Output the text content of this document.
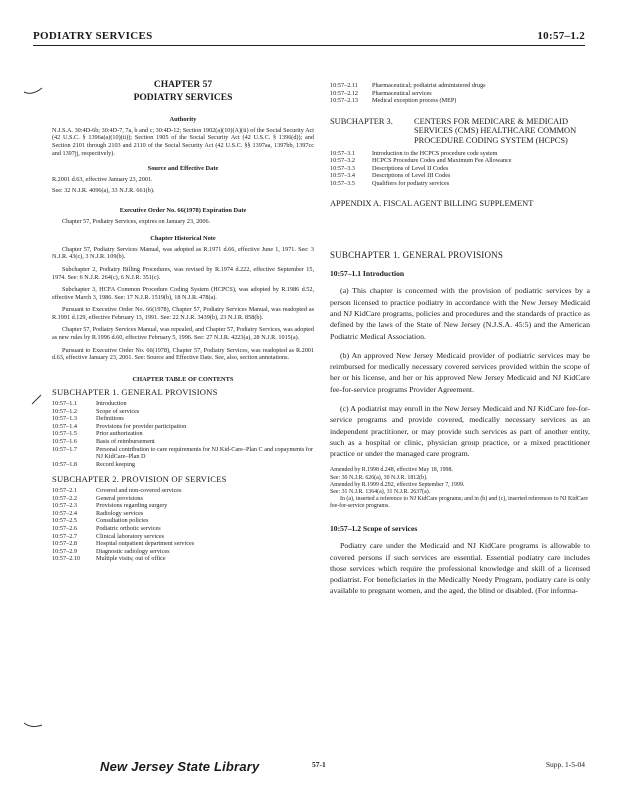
PODIATRY SERVICES	10:57–1.2
CHAPTER 57
PODIATRY SERVICES
Authority
N.J.S.A. 30:4D-6b; 30:4D-7, 7a, b and c; 30:4D-12; Section 1902(a)(10)(A)(ii) of the Social Security Act (42 U.S.C. § 1396a(a)(10)(ii)); Section 1905 of the Social Security Act (42 U.S.C. § 1396(d)); and Section 2101 through 2103 and 2110 of the Social Security Act (42 U.S.C. §§ 1397aa, 1397bb, 1397cc and 1397jj, respectively).
Source and Effective Date
R.2001 d.63, effective January 23, 2001.
See: 32 N.J.R. 4096(a), 33 N.J.R. 661(b).
Executive Order No. 66(1978) Expiration Date
Chapter 57, Podiatry Services, expires on January 23, 2006.
Chapter Historical Note
Chapter 57, Podiatry Services Manual, was adopted as R.1971 d.66, effective June 1, 1971. See: 3 N.J.R. 43(c), 3 N.J.R. 109(b).
Subchapter 2, Podiatry Billing Procedures, was revised by R.1974 d.222, effective September 15, 1974. See: 6 N.J.R. 264(c), 6 N.J.R. 351(c).
Subchapter 3, HCFA Common Procedure Coding System (HCPCS), was adopted by R.1986 d.52, effective March 3, 1986. See: 17 N.J.R. 1519(b), 18 N.J.R. 478(a).
Pursuant to Executive Order No. 66(1978), Chapter 57, Podiatry Services Manual, was readopted as R.1991 d.129, effective February 13, 1991. See: 22 N.J.R. 3439(b), 23 N.J.R. 858(b).
Chapter 57, Podiatry Services Manual, was repealed, and Chapter 57, Podiatry Services, was adopted as new rules by R.1996 d.60, effective February 5, 1996. See: 27 N.J.R. 4223(a), 28 N.J.R. 1015(a).
Pursuant to Executive Order No. 66(1978), Chapter 57, Podiatry Services, was readopted as R.2001 d.63, effective January 23, 2001. See: Source and Effective Date. See, also, section annotations.
CHAPTER TABLE OF CONTENTS
SUBCHAPTER 1. GENERAL PROVISIONS
10:57–1.1	Introduction
10:57–1.2	Scope of services
10:57–1.3	Definitions
10:57–1.4	Provisions for provider participation
10:57–1.5	Prior authorization
10:57–1.6	Basis of reimbursement
10:57–1.7	Personal contribution to care requirements for NJ Kid-Care–Plan C and copayments for NJ KidCare–Plan D
10:57–1.8	Record keeping
SUBCHAPTER 2. PROVISION OF SERVICES
10:57–2.1	Covered and non-covered services
10:57–2.2	General provisions
10:57–2.3	Provisions regarding surgery
10:57–2.4	Radiology services
10:57–2.5	Consultation policies
10:57–2.6	Podiatric orthotic services
10:57–2.7	Clinical laboratory services
10:57–2.8	Hospital outpatient department services
10:57–2.9	Diagnostic radiology services
10:57–2.10	Multiple visits; out of office
10:57–2.11	Pharmaceutical; podiatrist administered drugs
10:57–2.12	Pharmaceutical services
10:57–2.13	Medical exception process (MEP)
SUBCHAPTER 3.	CENTERS FOR MEDICARE & MEDICAID SERVICES (CMS) HEALTHCARE COMMON PROCEDURE CODING SYSTEM (HCPCS)
10:57–3.1	Introduction to the HCPCS procedure code system
10:57–3.2	HCPCS Procedure Codes and Maximum Fee Allowance
10:57–3.3	Descriptions of Level II Codes
10:57–3.4	Descriptions of Level III Codes
10:57–3.5	Qualifiers for podiatry services
APPENDIX A. FISCAL AGENT BILLING SUPPLEMENT
SUBCHAPTER 1. GENERAL PROVISIONS
10:57–1.1 Introduction
(a) This chapter is concerned with the provision of podiatric services by a person licensed to practice podiatry in accordance with the New Jersey Medicaid and NJ KidCare programs, policies and procedures and the standards of practice as defined by the laws of the State of New Jersey (N.J.S.A. 45:5) and the American Podiatric Medical Association.
(b) An approved New Jersey Medicaid provider of podiatric services may be reimbursed for medically necessary covered services provided within the scope of her or his license, and her or his approved New Jersey Medicaid and NJ KidCare fee-for-service programs Provider Agreement.
(c) A podiatrist may enroll in the New Jersey Medicaid and NJ KidCare fee-for-service programs and provide covered, medically necessary services as an independent practitioner, or may provide such services as part of another entity, such as a hospital or clinic, physician group practice, or a mixed practitioner practice or under the managed care program.
Amended by R.1998 d.248, effective May 18, 1998.
See: 30 N.J.R. 626(a), 30 N.J.R. 1812(b).
Amended by R.1999 d.292, effective September 7, 1999.
See: 31 N.J.R. 1364(a), 31 N.J.R. 2637(a).
In (a), inserted a reference to NJ KidCare programs; and in (b) and (c), inserted references to NJ KidCare fee-for-service programs.
10:57–1.2 Scope of services
Podiatry care under the Medicaid and NJ KidCare programs is allowable to covered persons if such services are essential. Essential podiatry care includes those services which require the professional knowledge and skill of a licensed podiatrist. For beneficiaries in the Medically Needy Program, podiatry care is only available to pregnant women, and the aged, the blind or disabled. (For informa-
New Jersey State Library	57-1	Supp. 1-5-04
